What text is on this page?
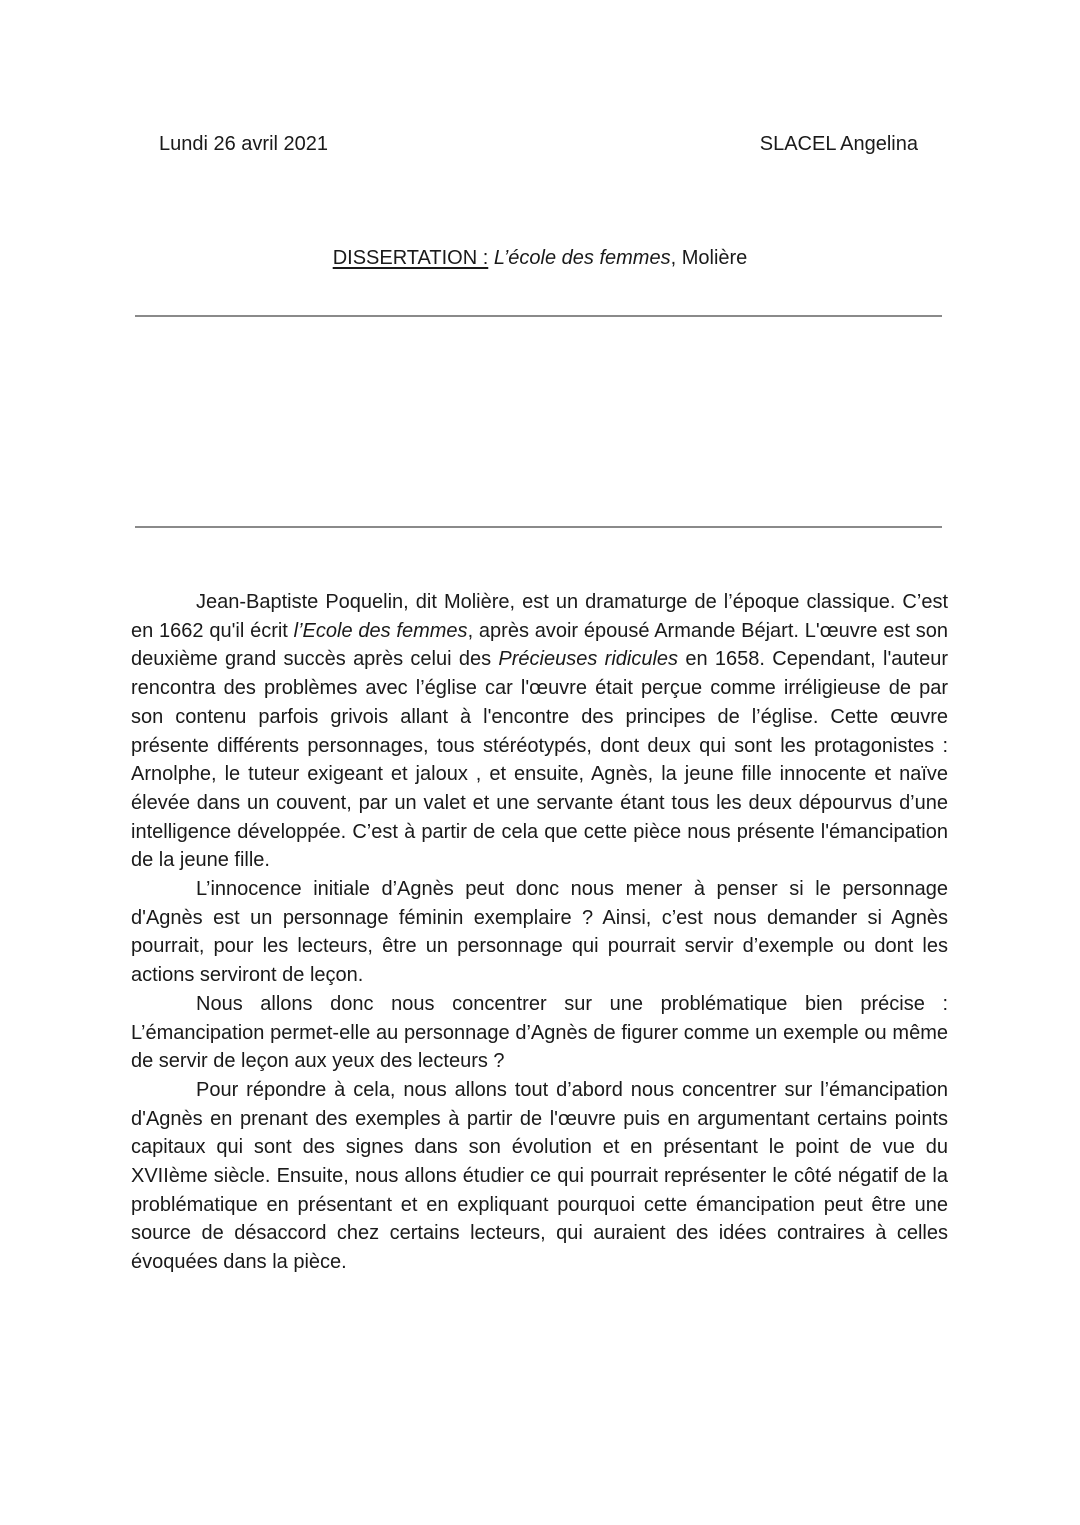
Lundi 26 avril 2021	SLACEL Angelina
DISSERTATION : L’école des femmes, Molière

Jean-Baptiste Poquelin, dit Molière, est un dramaturge de l’époque classique. C’est en 1662 qu'il écrit l’Ecole des femmes, après avoir épousé Armande Béjart. L'œuvre est son deuxième grand succès après celui des Précieuses ridicules en 1658. Cependant, l'auteur rencontra des problèmes avec l’église car l'œuvre était perçue comme irréligieuse de par son contenu parfois grivois allant à l'encontre des principes de l’église. Cette œuvre présente différents personnages, tous stéréotypés, dont deux qui sont les protagonistes : Arnolphe, le tuteur exigeant et jaloux , et ensuite, Agnès, la jeune fille innocente et naïve élevée dans un couvent, par un valet et une servante étant tous les deux dépourvus d’une intelligence développée. C’est à partir de cela que cette pièce nous présente l'émancipation de la jeune fille.

L’innocence initiale d’Agnès peut donc nous mener à penser si le personnage d'Agnès est un personnage féminin exemplaire ? Ainsi, c’est nous demander si Agnès pourrait, pour les lecteurs, être un personnage qui pourrait servir d’exemple ou dont les actions serviront de leçon.

Nous allons donc nous concentrer sur une problématique bien précise : L’émancipation permet-elle au personnage d’Agnès de figurer comme un exemple ou même de servir de leçon aux yeux des lecteurs ?

Pour répondre à cela, nous allons tout d’abord nous concentrer sur l’émancipation d'Agnès en prenant des exemples à partir de l'œuvre puis en argumentant certains points capitaux qui sont des signes dans son évolution et en présentant le point de vue du XVIIème siècle. Ensuite, nous allons étudier ce qui pourrait représenter le côté négatif de la problématique en présentant et en expliquant pourquoi cette émancipation peut être une source de désaccord chez certains lecteurs, qui auraient des idées contraires à celles évoquées dans la pièce.
